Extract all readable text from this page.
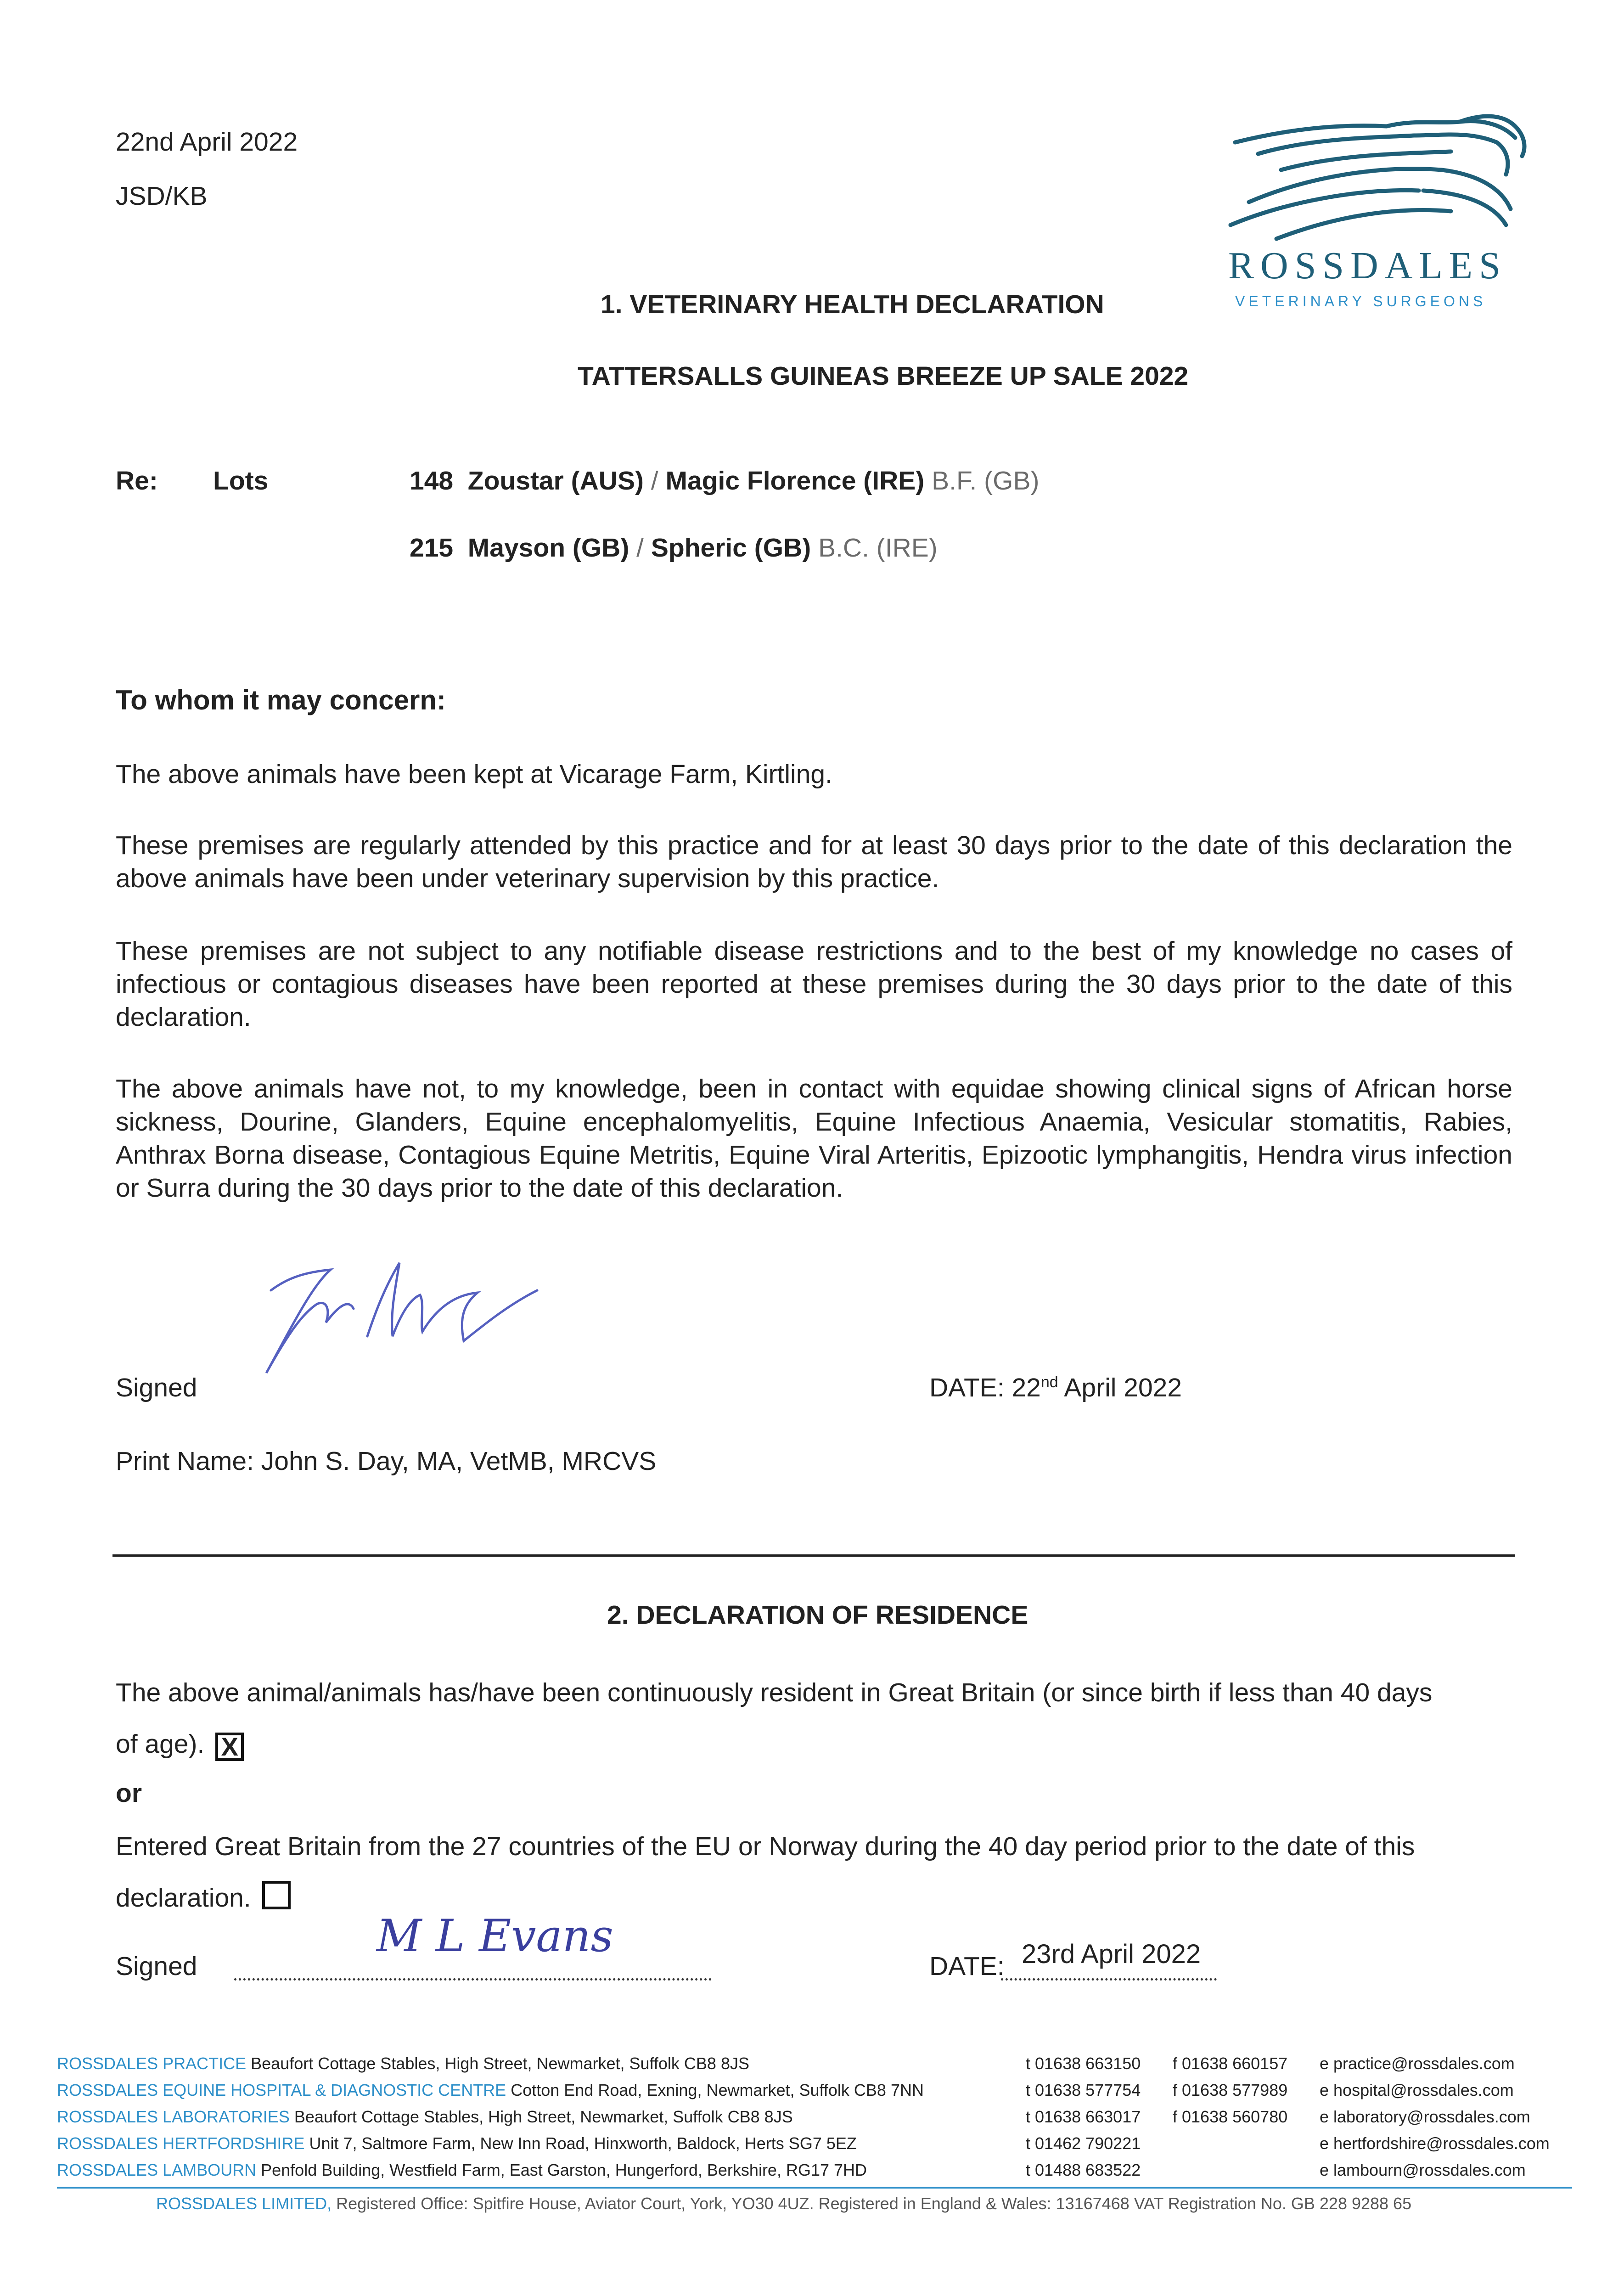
22nd April 2022
JSD/KB
ROSSDALES
VETERINARY SURGEONS
1. VETERINARY HEALTH DECLARATION
TATTERSALLS GUINEAS BREEZE UP SALE 2022
Re: Lots	148 Zoustar (AUS) / Magic Florence (IRE) B.F. (GB)
215 Mayson (GB) / Spheric (GB) B.C. (IRE)
To whom it may concern:
The above animals have been kept at Vicarage Farm, Kirtling.
These premises are regularly attended by this practice and for at least 30 days prior to the date of this declaration the above animals have been under veterinary supervision by this practice.
These premises are not subject to any notifiable disease restrictions and to the best of my knowledge no cases of infectious or contagious diseases have been reported at these premises during the 30 days prior to the date of this declaration.
The above animals have not, to my knowledge, been in contact with equidae showing clinical signs of African horse sickness, Dourine, Glanders, Equine encephalomyelitis, Equine Infectious Anaemia, Vesicular stomatitis, Rabies, Anthrax Borna disease, Contagious Equine Metritis, Equine Viral Arteritis, Epizootic lymphangitis, Hendra virus infection or Surra during the 30 days prior to the date of this declaration.
Signed	DATE: 22nd April 2022
Print Name: John S. Day, MA, VetMB, MRCVS
2. DECLARATION OF RESIDENCE
The above animal/animals has/have been continuously resident in Great Britain (or since birth if less than 40 days of age). X
or
Entered Great Britain from the 27 countries of the EU or Norway during the 40 day period prior to the date of this declaration.
Signed
M L Evans
DATE: 23rd April 2022
ROSSDALES PRACTICE Beaufort Cottage Stables, High Street, Newmarket, Suffolk CB8 8JS	t 01638 663150 f 01638 660157 e practice@rossdales.com
ROSSDALES EQUINE HOSPITAL & DIAGNOSTIC CENTRE Cotton End Road, Exning, Newmarket, Suffolk CB8 7NN	t 01638 577754 f 01638 577989 e hospital@rossdales.com
ROSSDALES LABORATORIES Beaufort Cottage Stables, High Street, Newmarket, Suffolk CB8 8JS	t 01638 663017 f 01638 560780 e laboratory@rossdales.com
ROSSDALES HERTFORDSHIRE Unit 7, Saltmore Farm, New Inn Road, Hinxworth, Baldock, Herts SG7 5EZ	t 01462 790221	e hertfordshire@rossdales.com
ROSSDALES LAMBOURN Penfold Building, Westfield Farm, East Garston, Hungerford, Berkshire, RG17 7HD	t 01488 683522	e lambourn@rossdales.com
ROSSDALES LIMITED, Registered Office: Spitfire House, Aviator Court, York, YO30 4UZ. Registered in England & Wales: 13167468 VAT Registration No. GB 228 9288 65
